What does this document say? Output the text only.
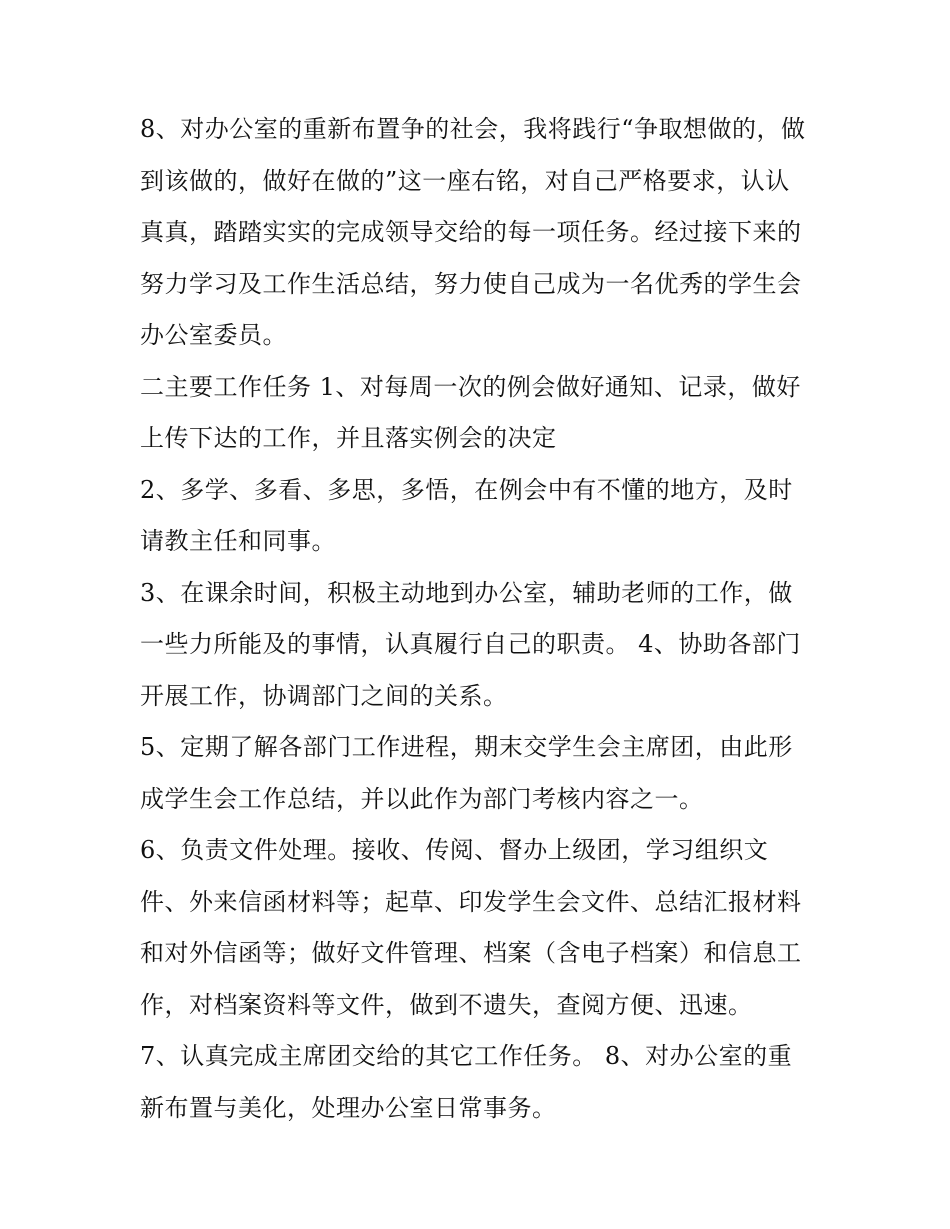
8、对办公室的重新布置争的社会，我将践行“争取想做的，做
到该做的，做好在做的”这一座右铭，对自己严格要求，认认
真真，踏踏实实的完成领导交给的每一项任务。经过接下来的
努力学习及工作生活总结，努力使自己成为一名优秀的学生会
办公室委员。
二主要工作任务 1、对每周一次的例会做好通知、记录，做好
上传下达的工作，并且落实例会的决定
2、多学、多看、多思，多悟，在例会中有不懂的地方，及时
请教主任和同事。
3、在课余时间，积极主动地到办公室，辅助老师的工作，做
一些力所能及的事情，认真履行自己的职责。 4、协助各部门
开展工作，协调部门之间的关系。
5、定期了解各部门工作进程，期末交学生会主席团，由此形
成学生会工作总结，并以此作为部门考核内容之一。
6、负责文件处理。接收、传阅、督办上级团，学习组织文
件、外来信函材料等；起草、印发学生会文件、总结汇报材料
和对外信函等；做好文件管理、档案（含电子档案）和信息工
作，对档案资料等文件，做到不遗失，查阅方便、迅速。
7、认真完成主席团交给的其它工作任务。 8、对办公室的重
新布置与美化，处理办公室日常事务。
